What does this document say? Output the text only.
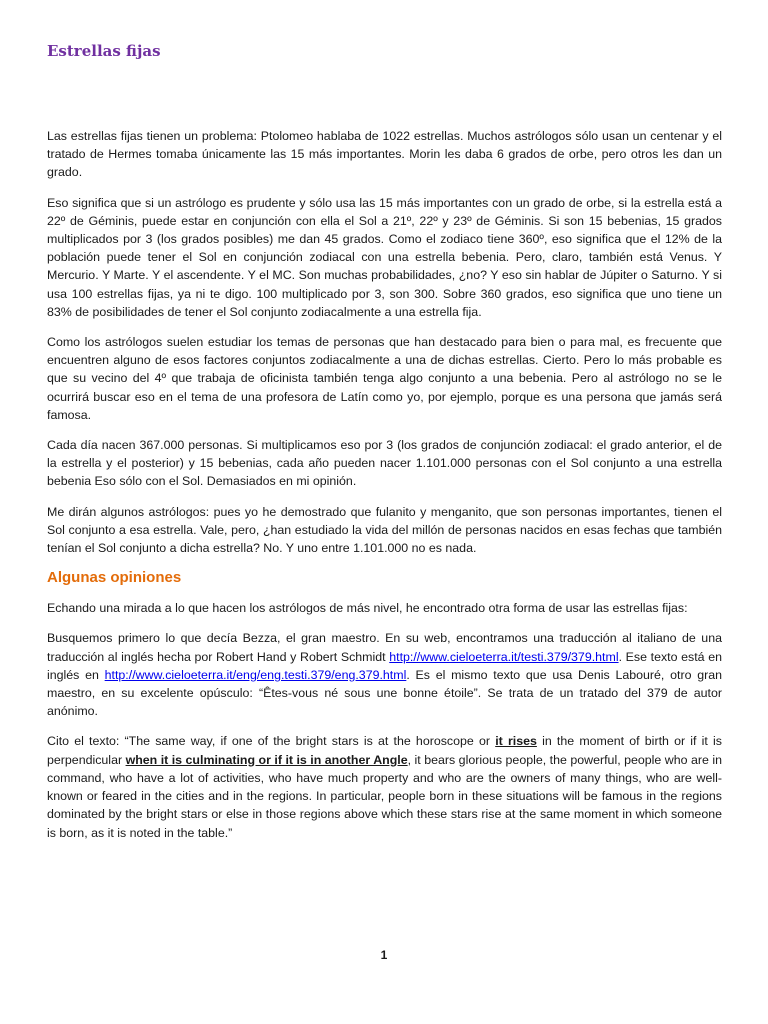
Estrellas fijas

Las estrellas fijas tienen un problema: Ptolomeo hablaba de 1022 estrellas. Muchos astrólogos sólo usan un centenar y el tratado de Hermes tomaba únicamente las 15 más importantes. Morin les daba 6 grados de orbe, pero otros les dan un grado.

Eso significa que si un astrólogo es prudente y sólo usa las 15 más importantes con un grado de orbe, si la estrella está a 22º de Géminis, puede estar en conjunción con ella el Sol a 21º, 22º y 23º de Géminis. Si son 15 bebenias, 15 grados multiplicados por 3 (los grados posibles) me dan 45 grados. Como el zodiaco tiene 360º, eso significa que el 12% de la población puede tener el Sol en conjunción zodiacal con una estrella bebenia. Pero, claro, también está Venus. Y Mercurio. Y Marte. Y el ascendente. Y el MC. Son muchas probabilidades, ¿no? Y eso sin hablar de Júpiter o Saturno. Y si usa 100 estrellas fijas, ya ni te digo. 100 multiplicado por 3, son 300. Sobre 360 grados, eso significa que uno tiene un 83% de posibilidades de tener el Sol conjunto zodiacalmente a una estrella fija.

Como los astrólogos suelen estudiar los temas de personas que han destacado para bien o para mal, es frecuente que encuentren alguno de esos factores conjuntos zodiacalmente a una de dichas estrellas. Cierto. Pero lo más probable es que su vecino del 4º que trabaja de oficinista también tenga algo conjunto a una bebenia. Pero al astrólogo no se le ocurrirá buscar eso en el tema de una profesora de Latín como yo, por ejemplo, porque es una persona que jamás será famosa.

Cada día nacen 367.000 personas. Si multiplicamos eso por 3 (los grados de conjunción zodiacal: el grado anterior, el de la estrella y el posterior) y 15 bebenias, cada año pueden nacer 1.101.000 personas con el Sol conjunto a una estrella bebenia Eso sólo con el Sol. Demasiados en mi opinión.

Me dirán algunos astrólogos: pues yo he demostrado que fulanito y menganito, que son personas importantes, tienen el Sol conjunto a esa estrella. Vale, pero, ¿han estudiado la vida del millón de personas nacidos en esas fechas que también tenían el Sol conjunto a dicha estrella? No. Y uno entre 1.101.000 no es nada.

Algunas opiniones

Echando una mirada a lo que hacen los astrólogos de más nivel, he encontrado otra forma de usar las estrellas fijas:

Busquemos primero lo que decía Bezza, el gran maestro. En su web, encontramos una traducción al italiano de una traducción al inglés hecha por Robert Hand y Robert Schmidt http://www.cieloeterra.it/testi.379/379.html. Ese texto está en inglés en http://www.cieloeterra.it/eng/eng.testi.379/eng.379.html. Es el mismo texto que usa Denis Labouré, otro gran maestro, en su excelente opúsculo: “Êtes-vous né sous une bonne étoile”. Se trata de un tratado del 379 de autor anónimo.

Cito el texto: “The same way, if one of the bright stars is at the horoscope or it rises in the moment of birth or if it is perpendicular when it is culminating or if it is in another Angle, it bears glorious people, the powerful, people who are in command, who have a lot of activities, who have much property and who are the owners of many things, who are well-known or feared in the cities and in the regions. In particular, people born in these situations will be famous in the regions dominated by the bright stars or else in those regions above which these stars rise at the same moment in which someone is born, as it is noted in the table.”

1
